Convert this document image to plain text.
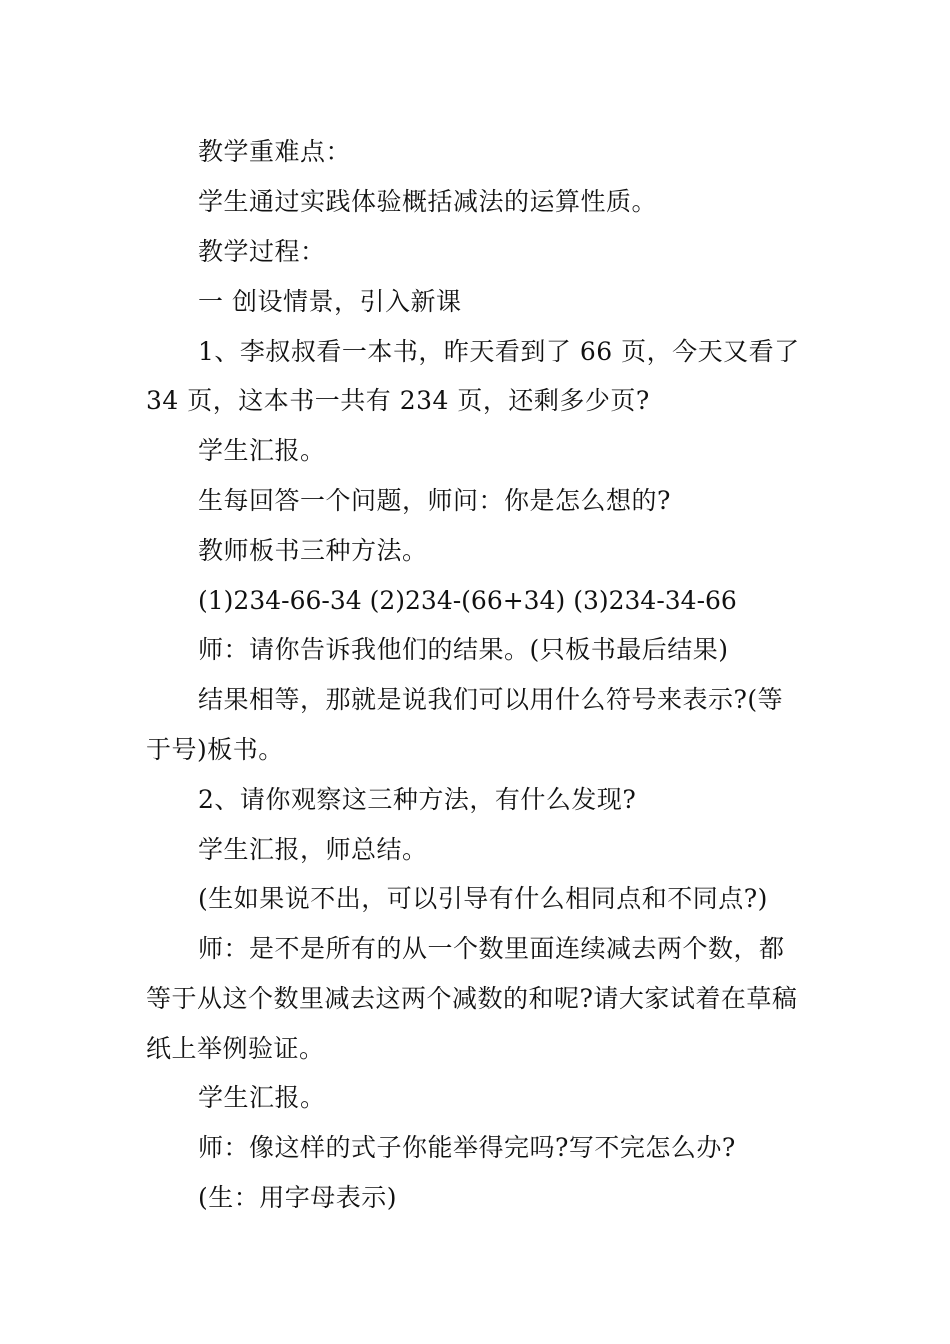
教学重难点：
学生通过实践体验概括减法的运算性质。
教学过程：
一 创设情景，引入新课
1、李叔叔看一本书，昨天看到了 66 页，今天又看了
34 页，这本书一共有 234 页，还剩多少页?
学生汇报。
生每回答一个问题，师问：你是怎么想的?
教师板书三种方法。
(1)234-66-34 (2)234-(66+34) (3)234-34-66
师：请你告诉我他们的结果。(只板书最后结果)
结果相等，那就是说我们可以用什么符号来表示?(等
于号)板书。
2、请你观察这三种方法，有什么发现?
学生汇报，师总结。
(生如果说不出，可以引导有什么相同点和不同点?)
师：是不是所有的从一个数里面连续减去两个数，都
等于从这个数里减去这两个减数的和呢?请大家试着在草稿
纸上举例验证。
学生汇报。
师：像这样的式子你能举得完吗?写不完怎么办?
(生：用字母表示)
